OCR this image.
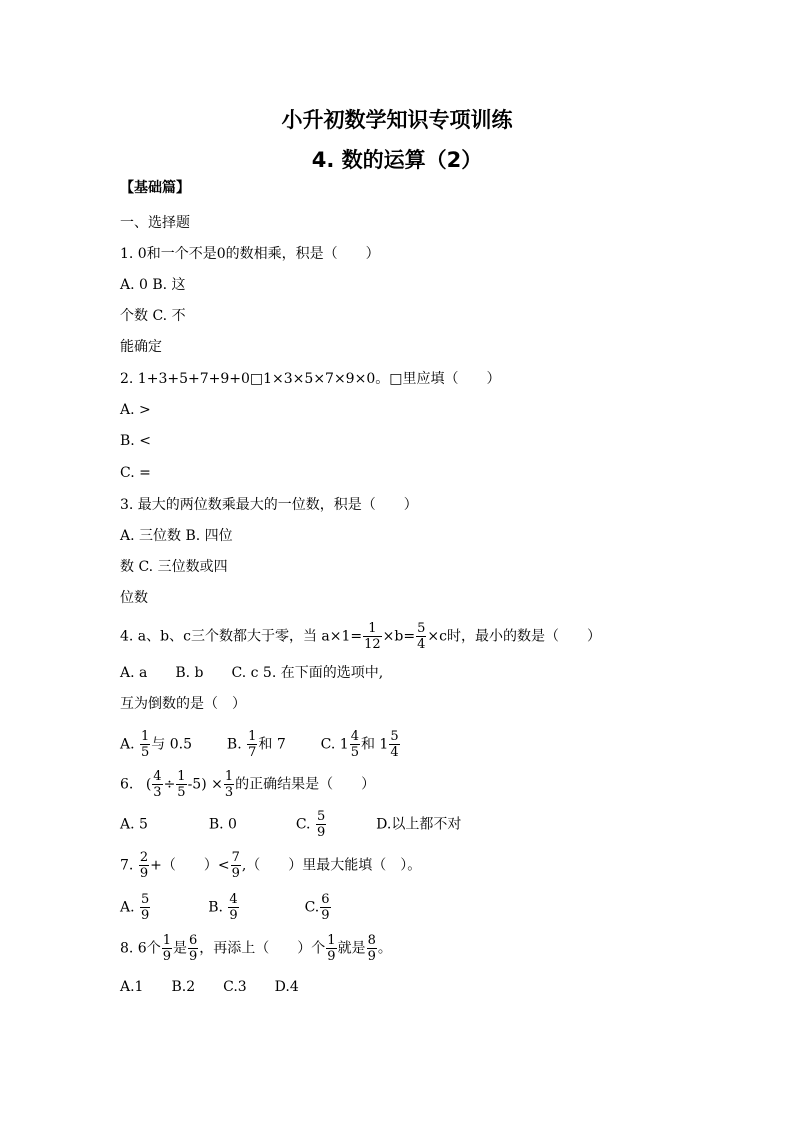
小升初数学知识专项训练
4. 数的运算（2）
【基础篇】
一、选择题
1. 0和一个不是0的数相乘，积是（　　）
A. 0 B. 这
个数 C. 不
能确定
2. 1+3+5+7+9+0□1×3×5×7×9×0。□里应填（　　）
A. >
B. <
C. =
3. 最大的两位数乘最大的一位数，积是（　　）
A. 三位数 B. 四位
数 C. 三位数或四
位数
4. a、b、c三个数都大于零，当 $a\times 1= \frac{1}{12} \times b= \frac{5}{4} \times c$时，最小的数是（　　）
A. a　　B. b　　C. c 5. 在下面的选项中,
互为倒数的是（　）
A. $\frac{1}{5}$ 与 0.5 B. $\frac{1}{7}$ 和 7 C. $1 \frac{4}{5}$ 和 $1 \frac{5}{4}$
6. ( $\frac{4}{3} \div \frac{1}{5} -5) \times \frac{1}{3}$ 的正确结果是（　　）
A. 5	B. 0	C. $\frac{5}{9}$	D.以上都不对
7. $\frac{2}{9}$ +（　　）< $\frac{7}{9}$ ,（　　）里最大能填（　）。
A. $\frac{5}{9}$	B. $\frac{4}{9}$	C. $\frac{6}{9}$
8. 6个 $\frac{1}{9}$ 是 $\frac{6}{9}$ ，再添上（　　）个 $\frac{1}{9}$ 就是 $\frac{8}{9}$ 。
A.1　　B.2　　C.3　　D.4
